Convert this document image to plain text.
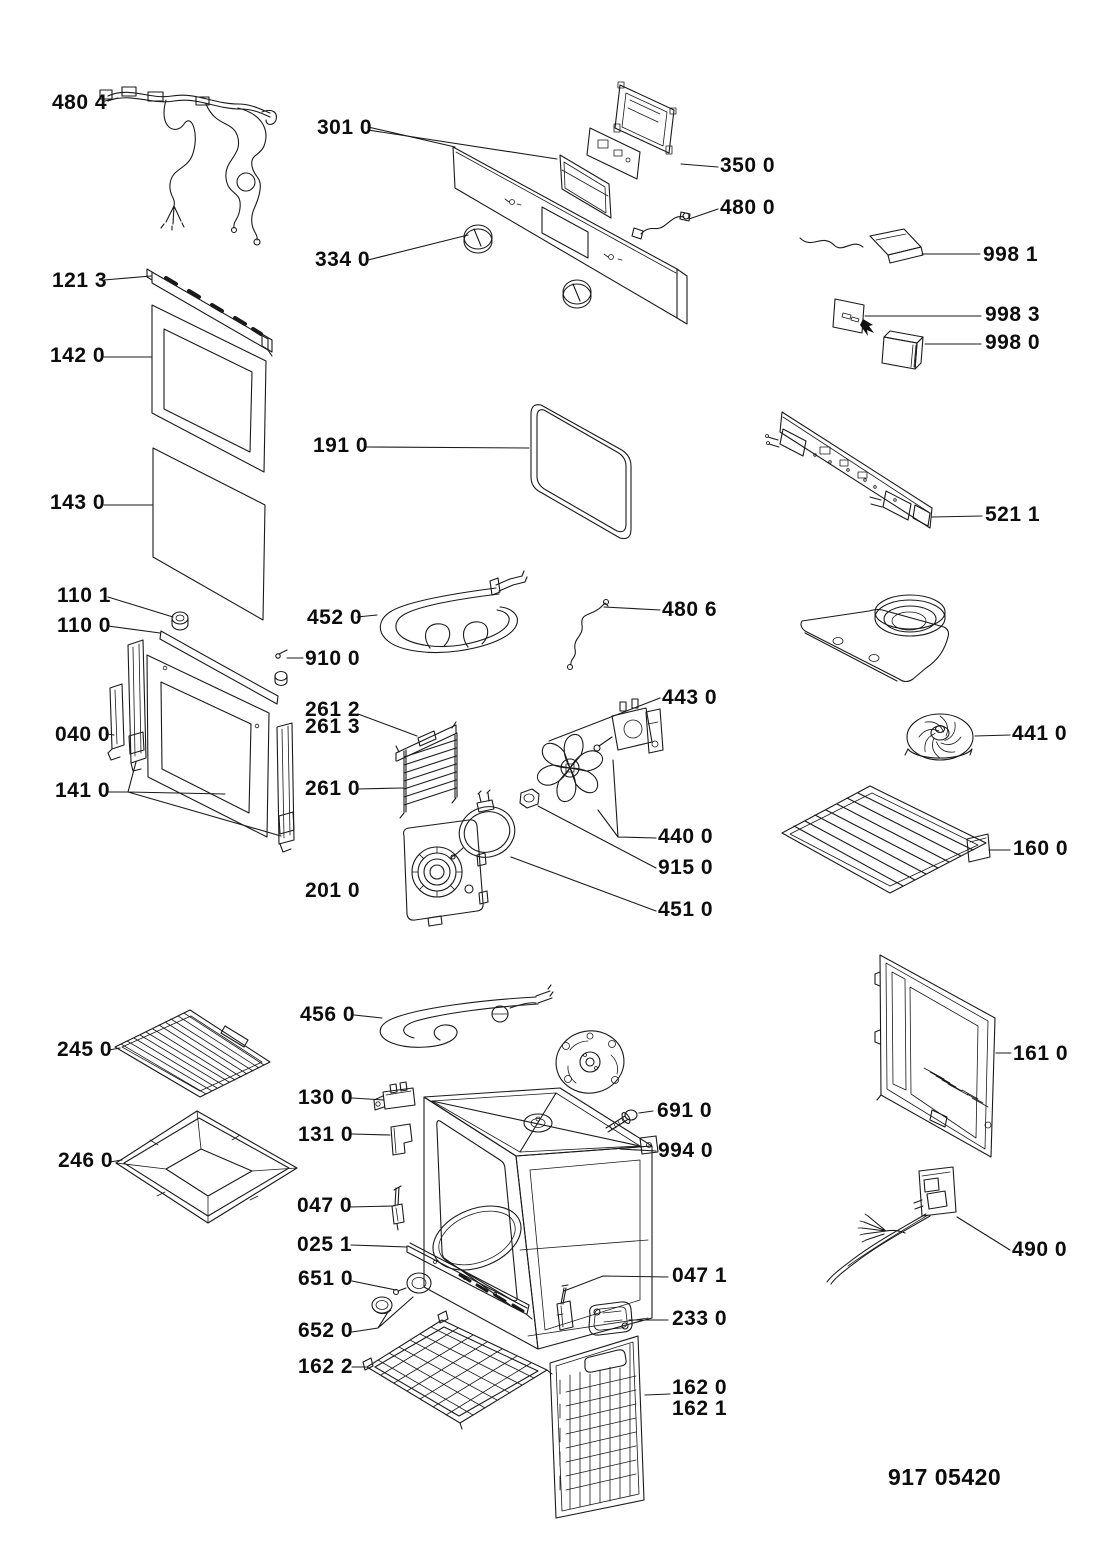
480 4
301 0
350 0
480 0
334 0	998 1
998 3
998 0
121 3
142 0
143 0
191 0
521 1
110 1
110 0	452 0	480 6
910 0
261 2
261 3
040 0
443 0
441 0
261 0
141 0
160 0
440 0
915 0
201 0
451 0
456 0
245 0	161 0
130 0
691 0
131 0
246 0	994 0
047 0
025 1	490 0
651 0	047 1
652 0
233 0
162 2
162 0
162 1
917 05420
